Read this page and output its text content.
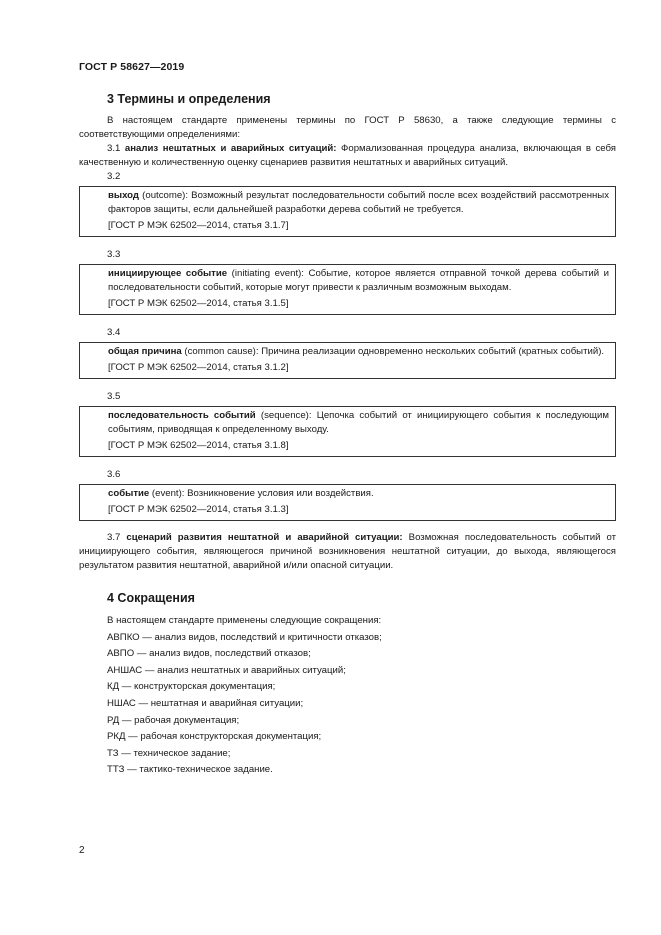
ГОСТ Р 58627—2019
3 Термины и определения

В настоящем стандарте применены термины по ГОСТ Р 58630, а также следующие термины с соответствующими определениями:

3.1 анализ нештатных и аварийных ситуаций: Формализованная процедура анализа, включающая в себя качественную и количественную оценку сценариев развития нештатных и аварийных ситуаций.

3.2

выход (outcome): Возможный результат последовательности событий после всех воздействий рассмотренных факторов защиты, если дальнейшей разработки дерева событий не требуется.

[ГОСТ Р МЭК 62502—2014, статья 3.1.7]

3.3

инициирующее событие (initiating event): Событие, которое является отправной точкой дерева событий и последовательности событий, которые могут привести к различным возможным выходам.

[ГОСТ Р МЭК 62502—2014, статья 3.1.5]

3.4

общая причина (common cause): Причина реализации одновременно нескольких событий (кратных событий).

[ГОСТ Р МЭК 62502—2014, статья 3.1.2]

3.5

последовательность событий (sequence): Цепочка событий от инициирующего события к последующим событиям, приводящая к определенному выходу.

[ГОСТ Р МЭК 62502—2014, статья 3.1.8]

3.6

событие (event): Возникновение условия или воздействия.

[ГОСТ Р МЭК 62502—2014, статья 3.1.3]

3.7 сценарий развития нештатной и аварийной ситуации: Возможная последовательность событий от инициирующего события, являющегося причиной возникновения нештатной ситуации, до выхода, являющегося результатом развития нештатной, аварийной и/или опасной ситуации.

4 Сокращения
В настоящем стандарте применены следующие сокращения:
АВПКО — анализ видов, последствий и критичности отказов;
АВПО — анализ видов, последствий отказов;
АНШАС — анализ нештатных и аварийных ситуаций;
КД — конструкторская документация;
НШАС — нештатная и аварийная ситуации;
РД — рабочая документация;
РКД — рабочая конструкторская документация;
ТЗ — техническое задание;
ТТЗ — тактико-техническое задание.
2
